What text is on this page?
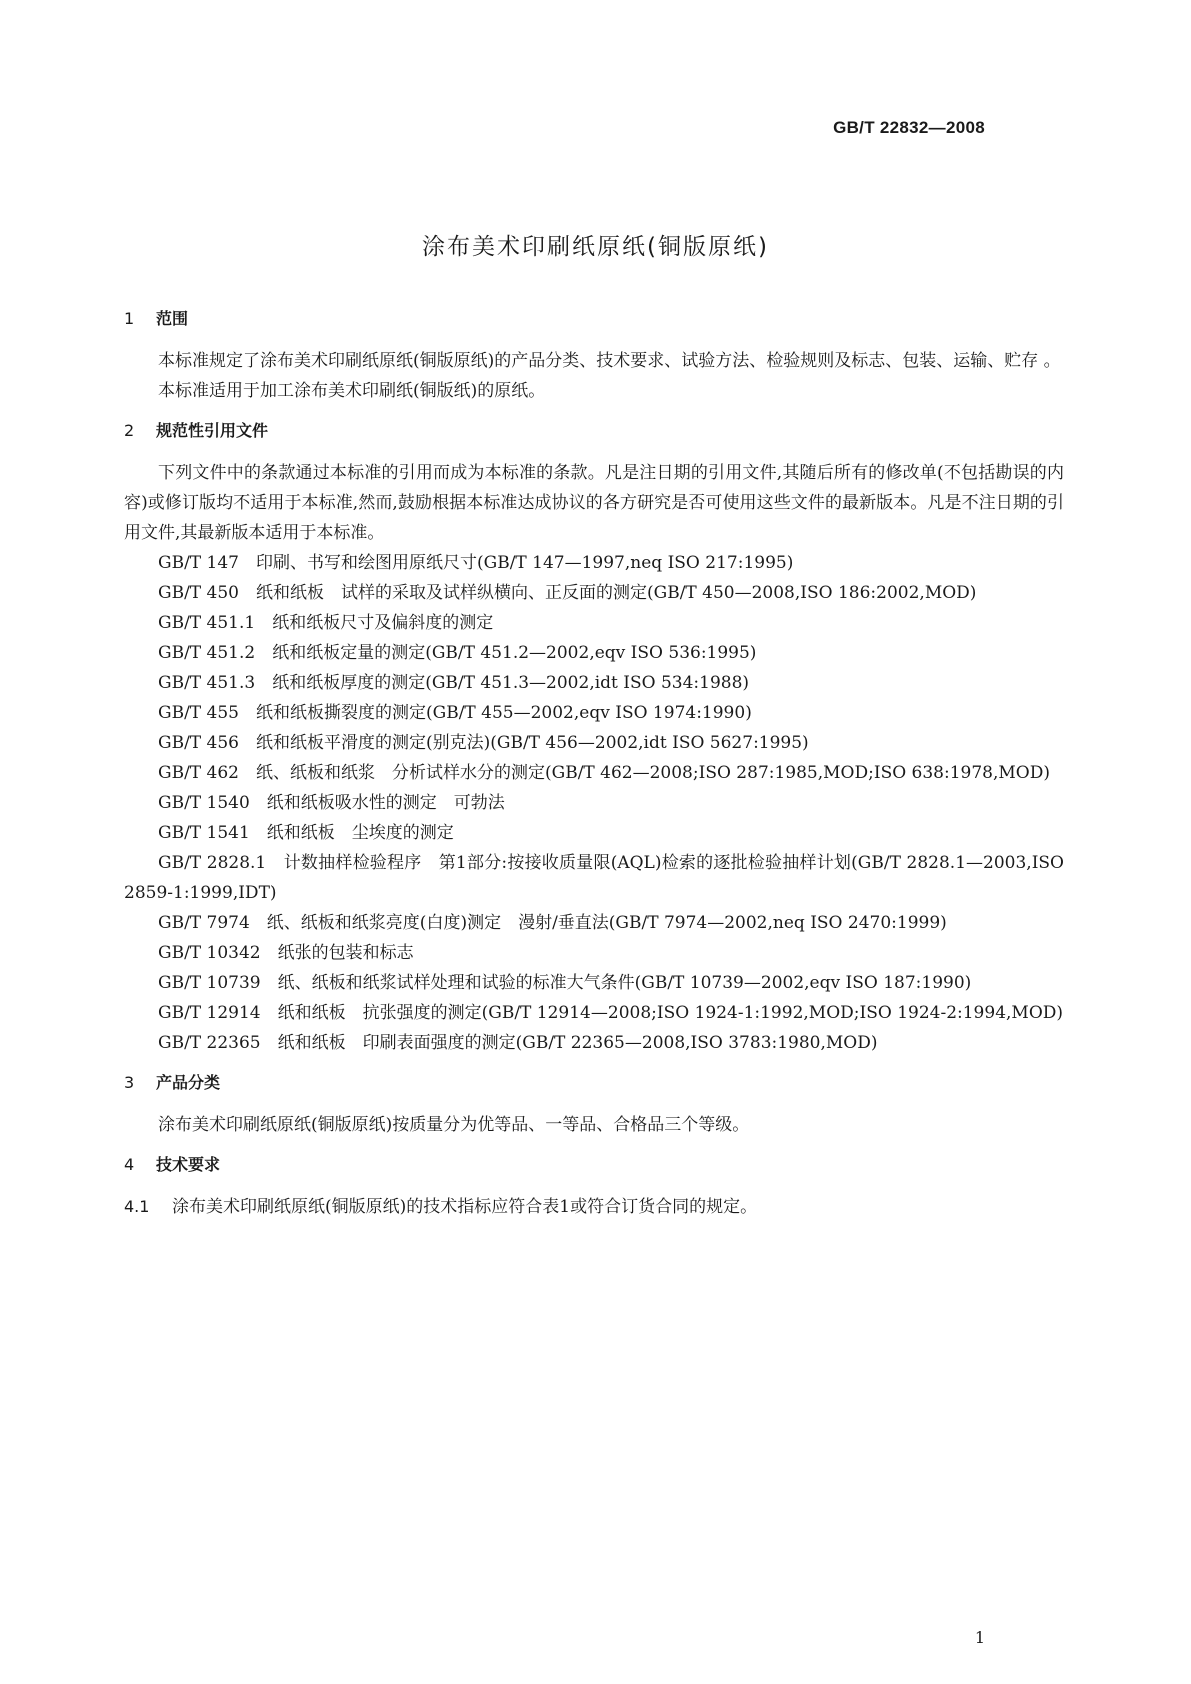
GB/T 22832—2008
涂布美术印刷纸原纸(铜版原纸)

1 范围

本标准规定了涂布美术印刷纸原纸(铜版原纸)的产品分类、技术要求、试验方法、检验规则及标志、包装、运输、贮存 。

本标准适用于加工涂布美术印刷纸(铜版纸)的原纸。

2 规范性引用文件

下列文件中的条款通过本标准的引用而成为本标准的条款。凡是注日期的引用文件,其随后所有的修改单(不包括勘误的内容)或修订版均不适用于本标准,然而,鼓励根据本标准达成协议的各方研究是否可使用这些文件的最新版本。凡是不注日期的引用文件,其最新版本适用于本标准。

GB/T 147　印刷、书写和绘图用原纸尺寸(GB/T 147—1997,neq ISO 217:1995)

GB/T 450　纸和纸板　试样的采取及试样纵横向、正反面的测定(GB/T 450—2008,ISO 186:2002,MOD)

GB/T 451.1　纸和纸板尺寸及偏斜度的测定

GB/T 451.2　纸和纸板定量的测定(GB/T 451.2—2002,eqv ISO 536:1995)

GB/T 451.3　纸和纸板厚度的测定(GB/T 451.3—2002,idt ISO 534:1988)

GB/T 455　纸和纸板撕裂度的测定(GB/T 455—2002,eqv ISO 1974:1990)

GB/T 456　纸和纸板平滑度的测定(别克法)(GB/T 456—2002,idt ISO 5627:1995)

GB/T 462　纸、纸板和纸浆　分析试样水分的测定(GB/T 462—2008;ISO 287:1985,MOD;ISO 638:1978,MOD)

GB/T 1540　纸和纸板吸水性的测定　可勃法

GB/T 1541　纸和纸板　尘埃度的测定

GB/T 2828.1　计数抽样检验程序　第1部分:按接收质量限(AQL)检索的逐批检验抽样计划(GB/T 2828.1—2003,ISO 2859-1:1999,IDT)

GB/T 7974　纸、纸板和纸浆亮度(白度)测定　漫射/垂直法(GB/T 7974—2002,neq ISO 2470:1999)

GB/T 10342　纸张的包装和标志

GB/T 10739　纸、纸板和纸浆试样处理和试验的标准大气条件(GB/T 10739—2002,eqv ISO 187:1990)

GB/T 12914　纸和纸板　抗张强度的测定(GB/T 12914—2008;ISO 1924-1:1992,MOD;ISO 1924-2:1994,MOD)

GB/T 22365　纸和纸板　印刷表面强度的测定(GB/T 22365—2008,ISO 3783:1980,MOD)

3 产品分类

涂布美术印刷纸原纸(铜版原纸)按质量分为优等品、一等品、合格品三个等级。

4 技术要求

4.1 涂布美术印刷纸原纸(铜版原纸)的技术指标应符合表1或符合订货合同的规定。

1
